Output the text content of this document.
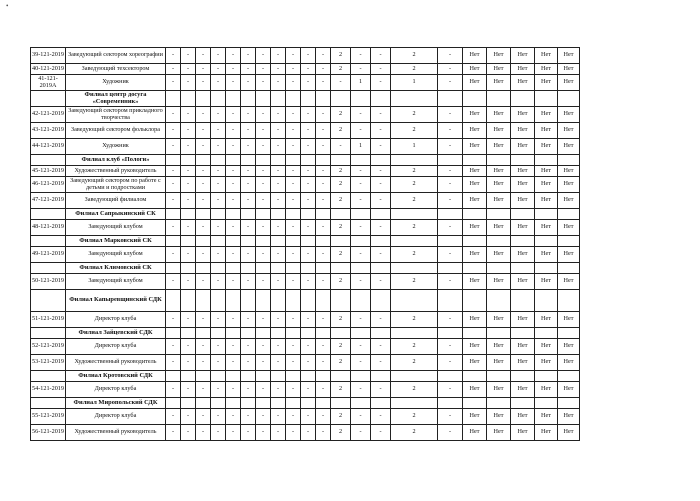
•
39-121-2019	Заведующий сектором хореографии	-	-	-	-	-	-	-	-	-	-	-	2	-	-	2	-	Нет	Нет	Нет	Нет	Нет
40-121-2019	Заведующий техсектором	-	-	-	-	-	-	-	-	-	-	-	2	-	-	2	-	Нет	Нет	Нет	Нет	Нет
41-121-2019А	Художник	-	-	-	-	-	-	-	-	-	-	-	-	1	-	1	-	Нет	Нет	Нет	Нет	Нет
	Филиал центр досуга «Современник»																					
42-121-2019	Заведующий сектором прикладного творчества	-	-	-	-	-	-	-	-	-	-	-	2	-	-	2	-	Нет	Нет	Нет	Нет	Нет
43-121-2019	Заведующий сектором фольклора	-	-	-	-	-	-	-	-	-	-	-	2	-	-	2	-	Нет	Нет	Нет	Нет	Нет
44-121-2019	Художник	-	-	-	-	-	-	-	-	-	-	-	-	1	-	1	-	Нет	Нет	Нет	Нет	Нет
	Филиал клуб «Пологи»																					
45-121-2019	Художественный руководитель	-	-	-	-	-	-	-	-	-	-	-	2	-	-	2	-	Нет	Нет	Нет	Нет	Нет
46-121-2019	Заведующий сектором по работе с детьми и подростками	-	-	-	-	-	-	-	-	-	-	-	2	-	-	2	-	Нет	Нет	Нет	Нет	Нет
47-121-2019	Заведующий филиалом	-	-	-	-	-	-	-	-	-	-	-	2	-	-	2	-	Нет	Нет	Нет	Нет	Нет
	Филиал Сапрыкинский СК																					
48-121-2019	Заведующий клубом	-	-	-	-	-	-	-	-	-	-	-	2	-	-	2	-	Нет	Нет	Нет	Нет	Нет
	Филиал Марковский СК																					
49-121-2019	Заведующий клубом	-	-	-	-	-	-	-	-	-	-	-	2	-	-	2	-	Нет	Нет	Нет	Нет	Нет
	Филиал Климовский СК																					
50-121-2019	Заведующий клубом	-	-	-	-	-	-	-	-	-	-	-	2	-	-	2	-	Нет	Нет	Нет	Нет	Нет
	Филиал Капыревщинский СДК																					
51-121-2019	Директор клуба	-	-	-	-	-	-	-	-	-	-	-	2	-	-	2	-	Нет	Нет	Нет	Нет	Нет
	Филиал Зайцевский СДК																					
52-121-2019	Директор клуба	-	-	-	-	-	-	-	-	-	-	-	2	-	-	2	-	Нет	Нет	Нет	Нет	Нет
53-121-2019	Художественный руководитель	-	-	-	-	-	-	-	-	-	-	-	2	-	-	2	-	Нет	Нет	Нет	Нет	Нет
	Филиал Кротовский СДК																					
54-121-2019	Директор клуба	-	-	-	-	-	-	-	-	-	-	-	2	-	-	2	-	Нет	Нет	Нет	Нет	Нет
	Филиал Миропольский СДК																					
55-121-2019	Директор клуба	-	-	-	-	-	-	-	-	-	-	-	2	-	-	2	-	Нет	Нет	Нет	Нет	Нет
56-121-2019	Художественный руководитель	-	-	-	-	-	-	-	-	-	-	-	2	-	-	2	-	Нет	Нет	Нет	Нет	Нет
